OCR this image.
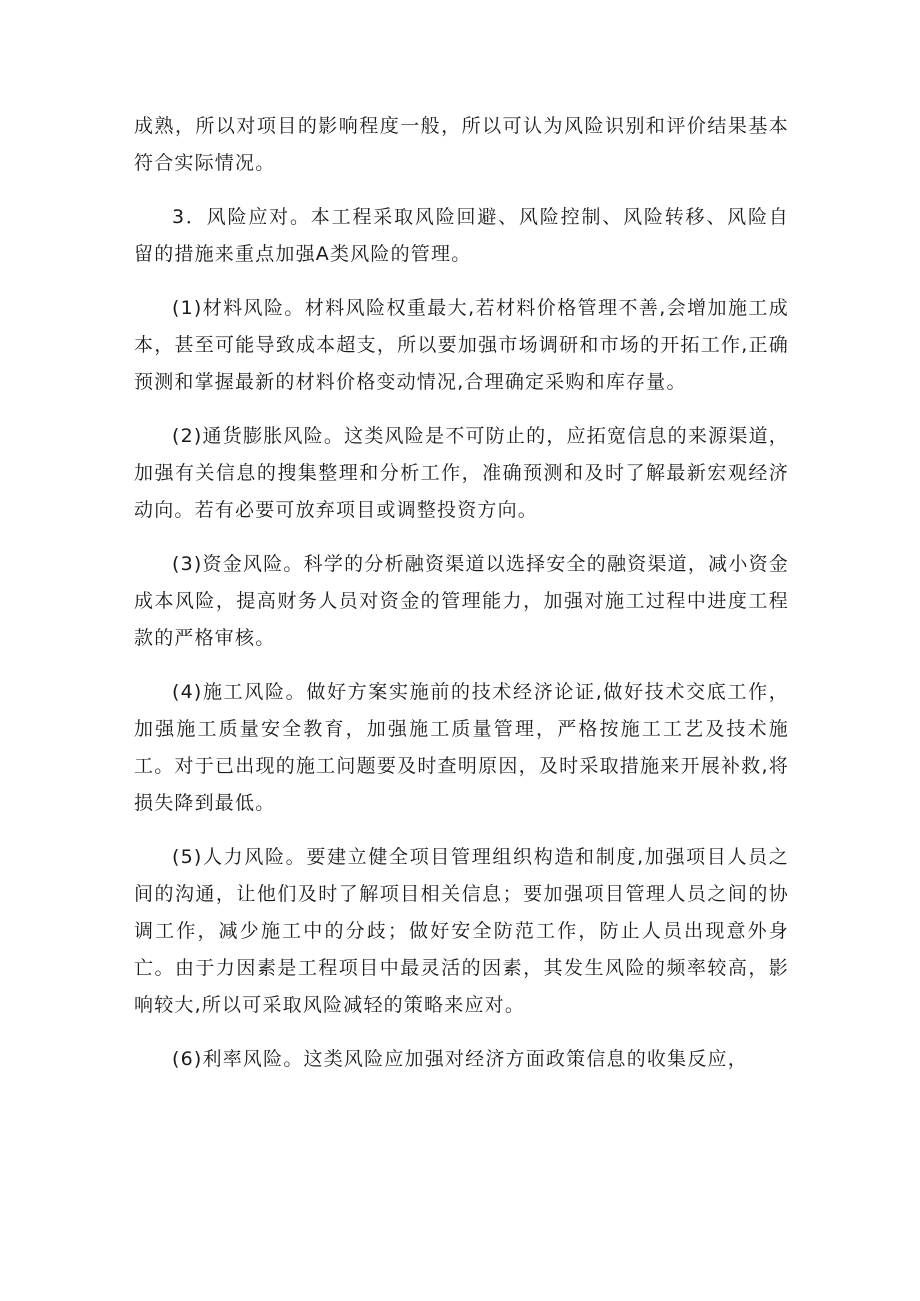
成熟，所以对项目的影响程度一般，所以可认为风险识别和评价结果基本符合实际情况。

3．风险应对。本工程采取风险回避、风险控制、风险转移、风险自留的措施来重点加强A类风险的管理。

(1)材料风险。材料风险权重最大,若材料价格管理不善,会增加施工成本，甚至可能导致成本超支，所以要加强市场调研和市场的开拓工作,正确预测和掌握最新的材料价格变动情况,合理确定采购和库存量。

(2)通货膨胀风险。这类风险是不可防止的，应拓宽信息的来源渠道，加强有关信息的搜集整理和分析工作，准确预测和及时了解最新宏观经济动向。若有必要可放弃项目或调整投资方向。

(3)资金风险。科学的分析融资渠道以选择安全的融资渠道，减小资金成本风险，提高财务人员对资金的管理能力，加强对施工过程中进度工程款的严格审核。

(4)施工风险。做好方案实施前的技术经济论证,做好技术交底工作，加强施工质量安全教育，加强施工质量管理，严格按施工工艺及技术施工。对于已出现的施工问题要及时查明原因，及时采取措施来开展补救,将损失降到最低。

(5)人力风险。要建立健全项目管理组织构造和制度,加强项目人员之间的沟通，让他们及时了解项目相关信息；要加强项目管理人员之间的协调工作，减少施工中的分歧；做好安全防范工作，防止人员出现意外身亡。由于力因素是工程项目中最灵活的因素，其发生风险的频率较高，影响较大,所以可采取风险减轻的策略来应对。

(6)利率风险。这类风险应加强对经济方面政策信息的收集反应，
